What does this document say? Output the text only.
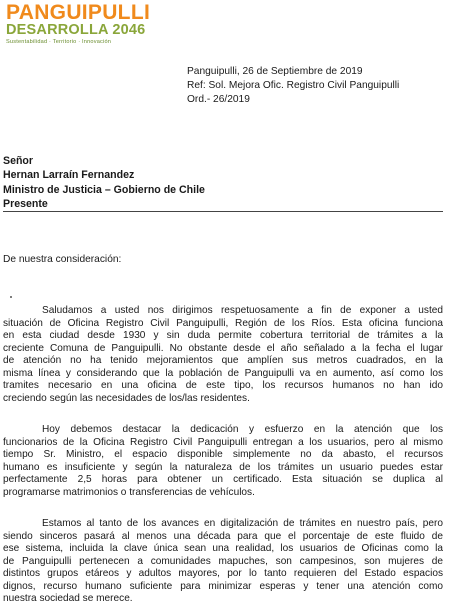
PANGUIPULLI
DESARROLLA 2046
Sustentabilidad · Territorio · Innovación
Panguipulli, 26 de Septiembre de 2019
Ref: Sol. Mejora Ofic. Registro Civil Panguipulli
Ord.- 26/2019
Señor
Hernan Larraín Fernandez
Ministro de Justicia – Gobierno de Chile
Presente
De nuestra consideración:
Saludamos a usted nos dirigimos respetuosamente a fin de exponer a usted
situación de Oficina Registro Civil Panguipulli, Región de los Ríos. Esta oficina funciona
en esta ciudad desde 1930 y sin duda permite cobertura territorial de trámites a la
creciente Comuna de Panguipulli. No obstante desde el año señalado a la fecha el lugar
de atención no ha tenido mejoramientos que amplíen sus metros cuadrados, en la
misma línea y considerando que la población de Panguipulli va en aumento, así como los
tramites necesario en una oficina de este tipo, los recursos humanos no han ido
creciendo según las necesidades de los/las residentes.
Hoy debemos destacar la dedicación y esfuerzo en la atención que los
funcionarios de la Oficina Registro Civil Panguipulli entregan a los usuarios, pero al mismo
tiempo Sr. Ministro, el espacio disponible simplemente no da abasto, el recursos
humano es insuficiente y según la naturaleza de los trámites un usuario puedes estar
perfectamente 2,5 horas para obtener un certificado. Esta situación se duplica al
programarse matrimonios o transferencias de vehículos.
Estamos al tanto de los avances en digitalización de trámites en nuestro país, pero
siendo sinceros pasará al menos una década para que el porcentaje de este fluido de
ese sistema, incluida la clave única sean una realidad, los usuarios de Oficinas como la
de Panguipulli pertenecen a comunidades mapuches, son campesinos, son mujeres de
distintos grupos etáreos y adultos mayores, por lo tanto requieren del Estado espacios
dignos, recurso humano suficiente para minimizar esperas y tener una atención como
nuestra sociedad se merece.
